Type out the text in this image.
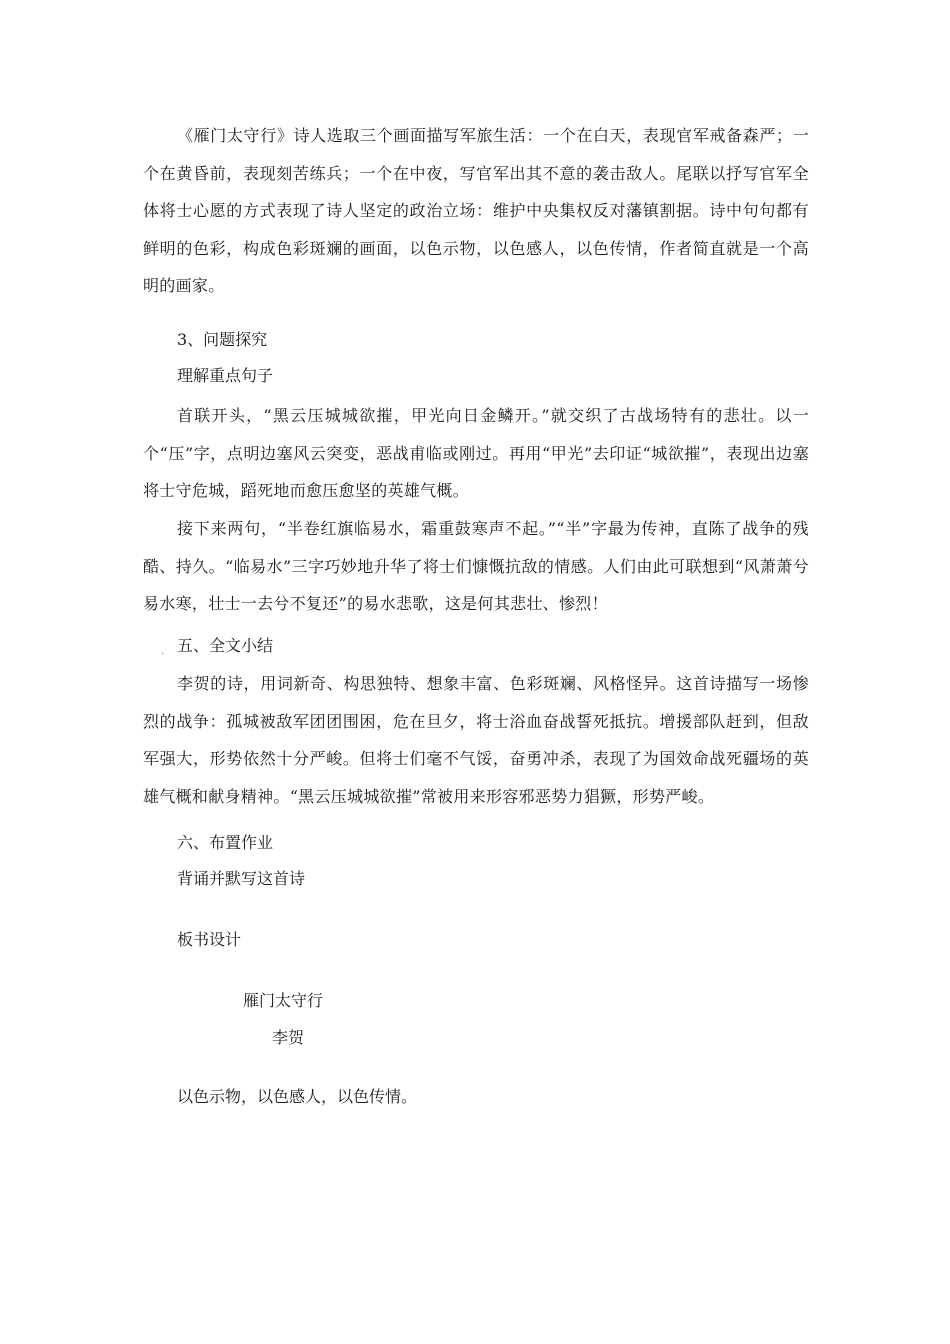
《雁门太守行》诗人选取三个画面描写军旅生活：一个在白天，表现官军戒备森严；一个在黄昏前，表现刻苦练兵；一个在中夜，写官军出其不意的袭击敌人。尾联以抒写官军全体将士心愿的方式表现了诗人坚定的政治立场：维护中央集权反对藩镇割据。诗中句句都有鲜明的色彩，构成色彩斑斓的画面，以色示物，以色感人，以色传情，作者简直就是一个高明的画家。

3、问题探究

理解重点句子

首联开头，“黑云压城城欲摧，甲光向日金鳞开。”就交织了古战场特有的悲壮。以一个“压”字，点明边塞风云突变，恶战甫临或刚过。再用“甲光”去印证“城欲摧”，表现出边塞将士守危城，蹈死地而愈压愈坚的英雄气概。

接下来两句，“半卷红旗临易水，霜重鼓寒声不起。”“半”字最为传神，直陈了战争的残酷、持久。“临易水”三字巧妙地升华了将士们慷慨抗敌的情感。人们由此可联想到“风萧萧兮易水寒，壮士一去兮不复还”的易水悲歌，这是何其悲壮、惨烈！

. 五、全文小结

李贺的诗，用词新奇、构思独特、想象丰富、色彩斑斓、风格怪异。这首诗描写一场惨烈的战争：孤城被敌军团团围困，危在旦夕，将士浴血奋战誓死抵抗。增援部队赶到，但敌军强大，形势依然十分严峻。但将士们毫不气馁，奋勇冲杀，表现了为国效命战死疆场的英雄气概和献身精神。“黑云压城城欲摧”常被用来形容邪恶势力猖獗，形势严峻。

六、布置作业

背诵并默写这首诗

板书设计

雁门太守行

李贺

以色示物，以色感人，以色传情。
